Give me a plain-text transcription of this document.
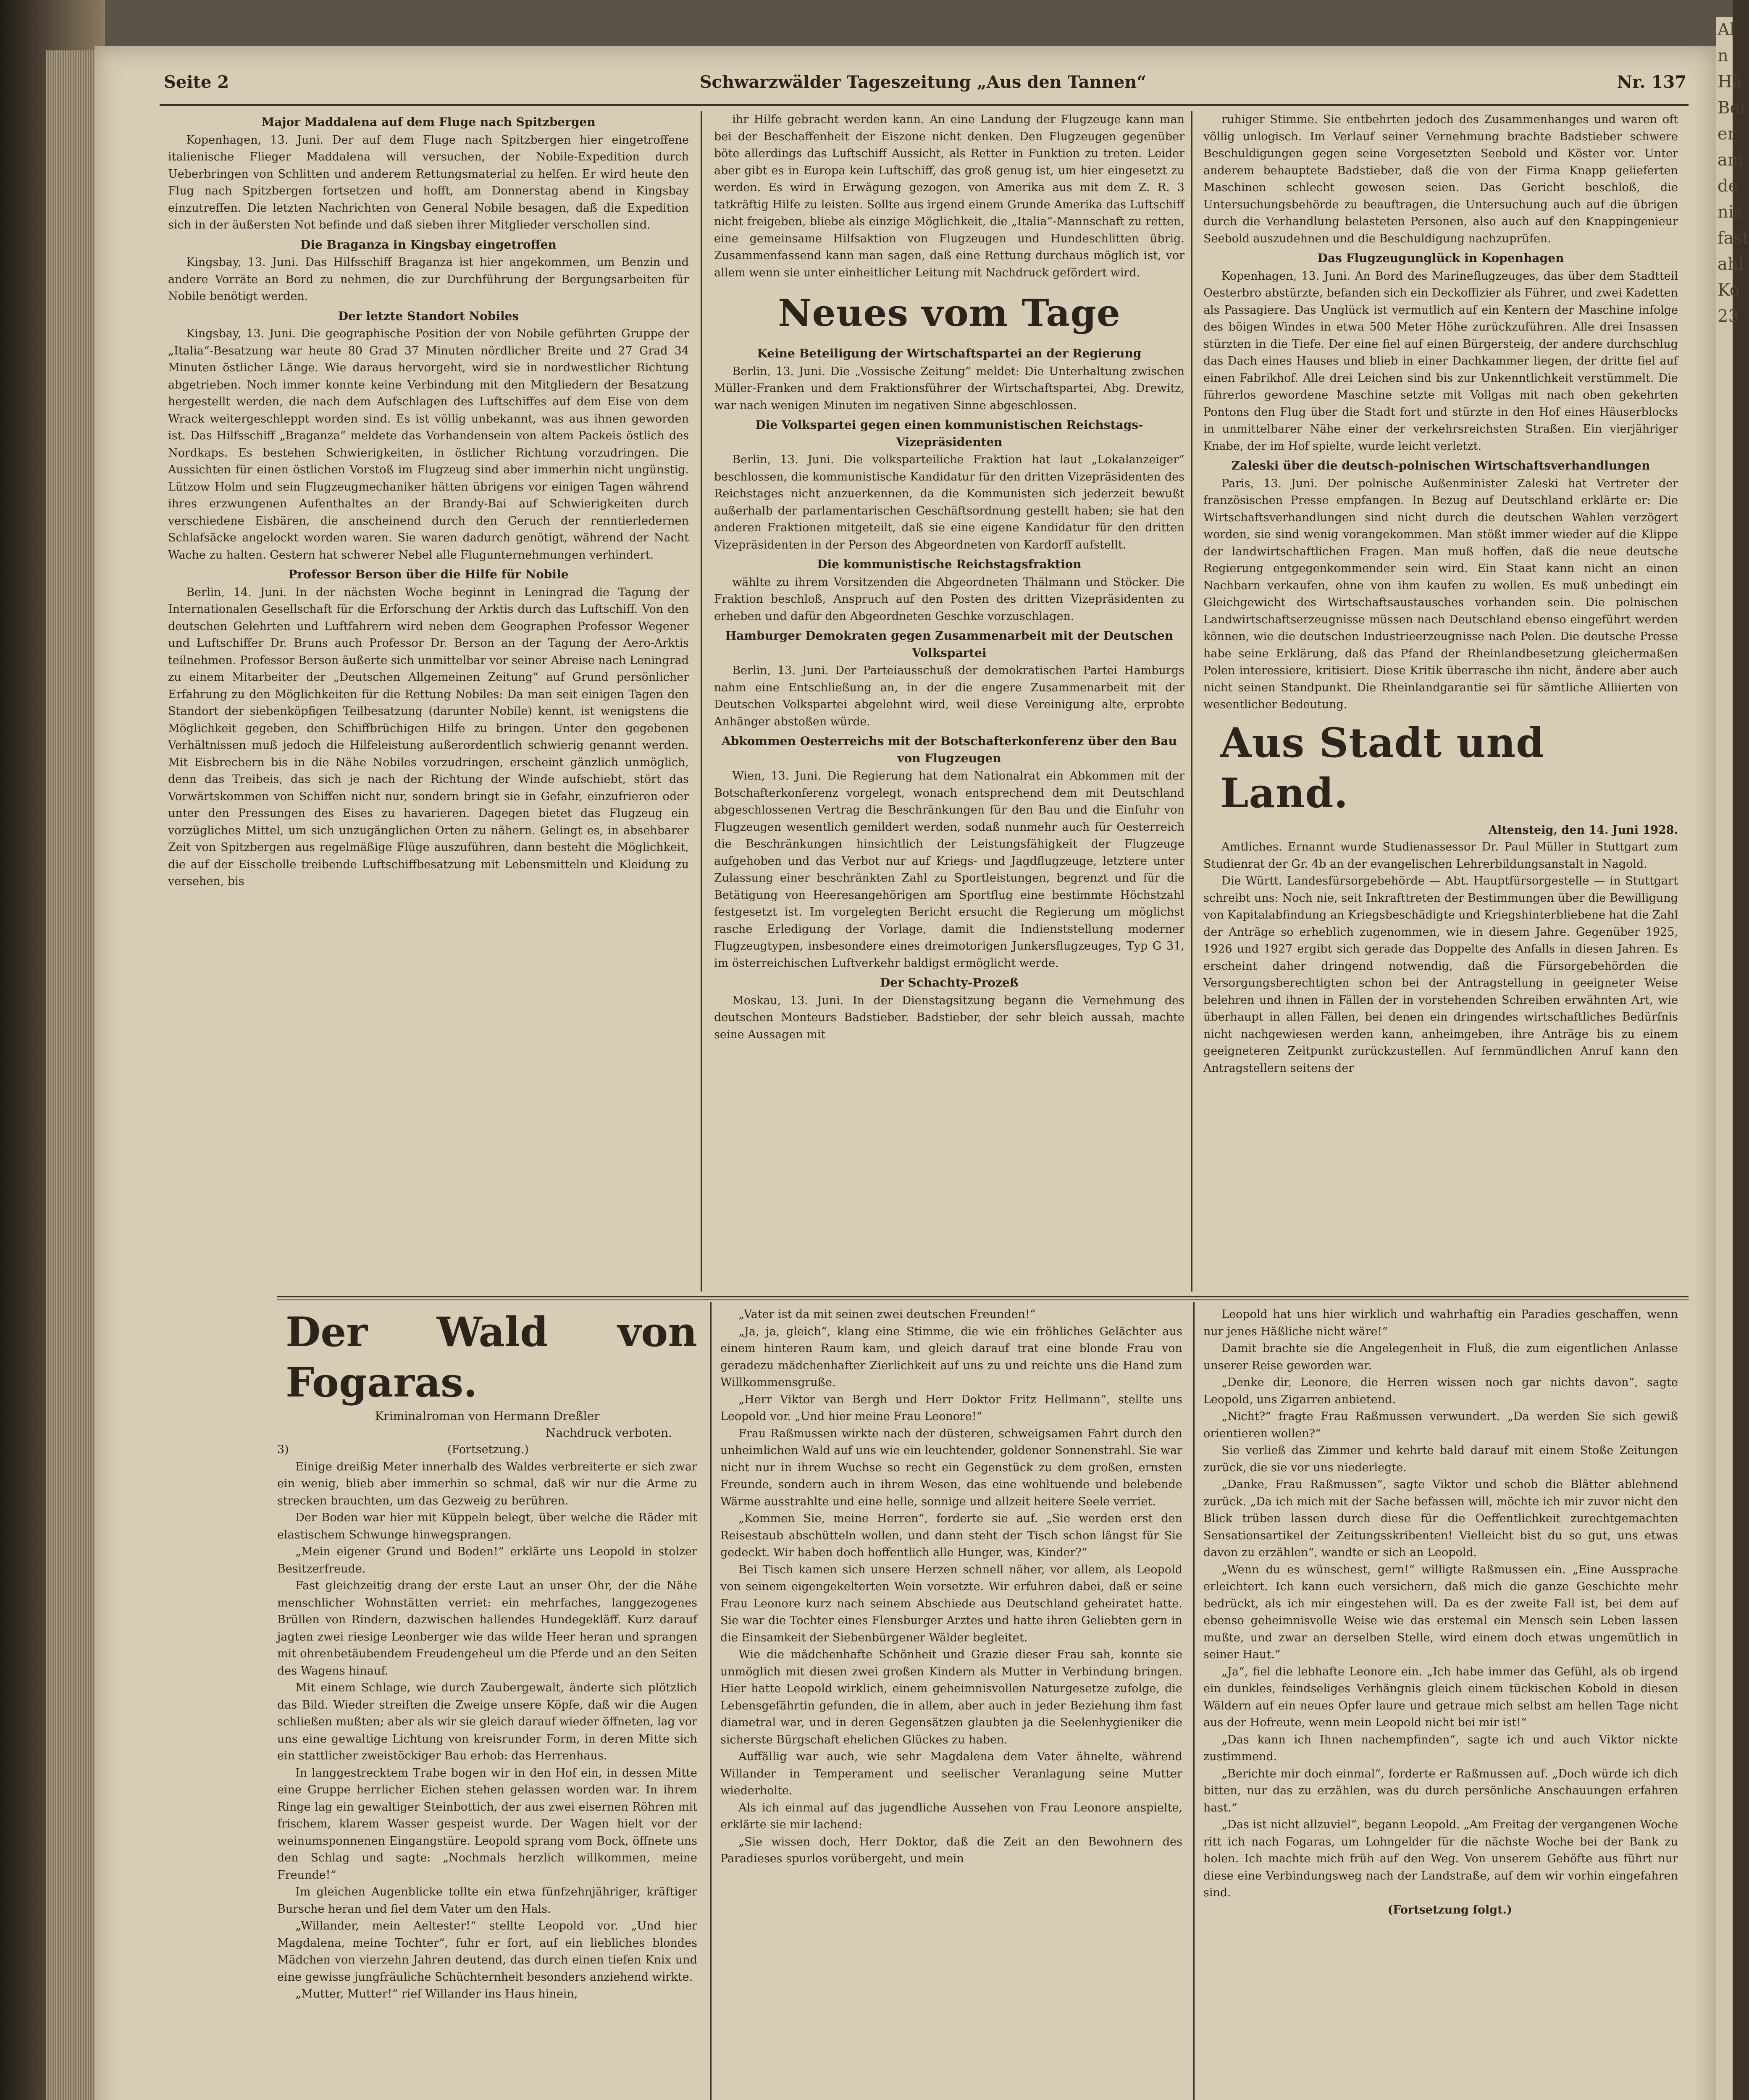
Al
n
Hä
Bei
er
am
de
nis
fast
ahl
Ko
23
Seite 2	Schwarzwälder Tageszeitung „Aus den Tannen“	Nr. 137
Major Maddalena auf dem Fluge nach Spitzbergen

Kopenhagen, 13. Juni. Der auf dem Fluge nach Spitzbergen hier eingetroffene italienische Flieger Maddalena will versuchen, der Nobile-Expedition durch Ueberbringen von Schlitten und anderem Rettungsmaterial zu helfen. Er wird heute den Flug nach Spitzbergen fortsetzen und hofft, am Donnerstag abend in Kingsbay einzutreffen. Die letzten Nachrichten von General Nobile besagen, daß die Expedition sich in der äußersten Not befinde und daß sieben ihrer Mitglieder verschollen sind.

Die Braganza in Kingsbay eingetroffen

Kingsbay, 13. Juni. Das Hilfsschiff Braganza ist hier angekommen, um Benzin und andere Vorräte an Bord zu nehmen, die zur Durchführung der Bergungsarbeiten für Nobile benötigt werden.

Der letzte Standort Nobiles

Kingsbay, 13. Juni. Die geographische Position der von Nobile geführten Gruppe der „Italia“-Besatzung war heute 80 Grad 37 Minuten nördlicher Breite und 27 Grad 34 Minuten östlicher Länge. Wie daraus hervorgeht, wird sie in nordwestlicher Richtung abgetrieben. Noch immer konnte keine Verbindung mit den Mitgliedern der Besatzung hergestellt werden, die nach dem Aufschlagen des Luftschiffes auf dem Eise von dem Wrack weitergeschleppt worden sind. Es ist völlig unbekannt, was aus ihnen geworden ist. Das Hilfsschiff „Braganza“ meldete das Vorhandensein von altem Packeis östlich des Nordkaps. Es bestehen Schwierigkeiten, in östlicher Richtung vorzudringen. Die Aussichten für einen östlichen Vorstoß im Flugzeug sind aber immerhin nicht ungünstig. Lützow Holm und sein Flugzeugmechaniker hätten übrigens vor einigen Tagen während ihres erzwungenen Aufenthaltes an der Brandy-Bai auf Schwierigkeiten durch verschiedene Eisbären, die anscheinend durch den Geruch der renntierledernen Schlafsäcke angelockt worden waren. Sie waren dadurch genötigt, während der Nacht Wache zu halten. Gestern hat schwerer Nebel alle Flugunternehmungen verhindert.

Professor Berson über die Hilfe für Nobile

Berlin, 14. Juni. In der nächsten Woche beginnt in Leningrad die Tagung der Internationalen Gesellschaft für die Erforschung der Arktis durch das Luftschiff. Von den deutschen Gelehrten und Luftfahrern wird neben dem Geographen Professor Wegener und Luftschiffer Dr. Bruns auch Professor Dr. Berson an der Tagung der Aero-Arktis teilnehmen. Professor Berson äußerte sich unmittelbar vor seiner Abreise nach Leningrad zu einem Mitarbeiter der „Deutschen Allgemeinen Zeitung“ auf Grund persönlicher Erfahrung zu den Möglichkeiten für die Rettung Nobiles: Da man seit einigen Tagen den Standort der siebenköpfigen Teilbesatzung (darunter Nobile) kennt, ist wenigstens die Möglichkeit gegeben, den Schiffbrüchigen Hilfe zu bringen. Unter den gegebenen Verhältnissen muß jedoch die Hilfeleistung außerordentlich schwierig genannt werden. Mit Eisbrechern bis in die Nähe Nobiles vorzudringen, erscheint gänzlich unmöglich, denn das Treibeis, das sich je nach der Richtung der Winde aufschiebt, stört das Vorwärtskommen von Schiffen nicht nur, sondern bringt sie in Gefahr, einzufrieren oder unter den Pressungen des Eises zu havarieren. Dagegen bietet das Flugzeug ein vorzügliches Mittel, um sich unzugänglichen Orten zu nähern. Gelingt es, in absehbarer Zeit von Spitzbergen aus regelmäßige Flüge auszuführen, dann besteht die Möglichkeit, die auf der Eisscholle treibende Luftschiffbesatzung mit Lebensmitteln und Kleidung zu versehen, bis

ihr Hilfe gebracht werden kann. An eine Landung der Flugzeuge kann man bei der Beschaffenheit der Eiszone nicht denken. Den Flugzeugen gegenüber böte allerdings das Luftschiff Aussicht, als Retter in Funktion zu treten. Leider aber gibt es in Europa kein Luftschiff, das groß genug ist, um hier eingesetzt zu werden. Es wird in Erwägung gezogen, von Amerika aus mit dem Z. R. 3 tatkräftig Hilfe zu leisten. Sollte aus irgend einem Grunde Amerika das Luftschiff nicht freigeben, bliebe als einzige Möglichkeit, die „Italia“-Mannschaft zu retten, eine gemeinsame Hilfsaktion von Flugzeugen und Hundeschlitten übrig. Zusammenfassend kann man sagen, daß eine Rettung durchaus möglich ist, vor allem wenn sie unter einheitlicher Leitung mit Nachdruck gefördert wird.

Neues vom Tage
Keine Beteiligung der Wirtschaftspartei an der Regierung

Berlin, 13. Juni. Die „Vossische Zeitung“ meldet: Die Unterhaltung zwischen Müller-Franken und dem Fraktionsführer der Wirtschaftspartei, Abg. Drewitz, war nach wenigen Minuten im negativen Sinne abgeschlossen.

Die Volkspartei gegen einen kommunistischen Reichstags-Vizepräsidenten

Berlin, 13. Juni. Die volksparteiliche Fraktion hat laut „Lokalanzeiger“ beschlossen, die kommunistische Kandidatur für den dritten Vizepräsidenten des Reichstages nicht anzuerkennen, da die Kommunisten sich jederzeit bewußt außerhalb der parlamentarischen Geschäftsordnung gestellt haben; sie hat den anderen Fraktionen mitgeteilt, daß sie eine eigene Kandidatur für den dritten Vizepräsidenten in der Person des Abgeordneten von Kardorff aufstellt.

Die kommunistische Reichstagsfraktion

wählte zu ihrem Vorsitzenden die Abgeordneten Thälmann und Stöcker. Die Fraktion beschloß, Anspruch auf den Posten des dritten Vizepräsidenten zu erheben und dafür den Abgeordneten Geschke vorzuschlagen.

Hamburger Demokraten gegen Zusammenarbeit mit der Deutschen Volkspartei

Berlin, 13. Juni. Der Parteiausschuß der demokratischen Partei Hamburgs nahm eine Entschließung an, in der die engere Zusammenarbeit mit der Deutschen Volkspartei abgelehnt wird, weil diese Vereinigung alte, erprobte Anhänger abstoßen würde.

Abkommen Oesterreichs mit der Botschafterkonferenz über den Bau von Flugzeugen

Wien, 13. Juni. Die Regierung hat dem Nationalrat ein Abkommen mit der Botschafterkonferenz vorgelegt, wonach entsprechend dem mit Deutschland abgeschlossenen Vertrag die Beschränkungen für den Bau und die Einfuhr von Flugzeugen wesentlich gemildert werden, sodaß nunmehr auch für Oesterreich die Beschränkungen hinsichtlich der Leistungsfähigkeit der Flugzeuge aufgehoben und das Verbot nur auf Kriegs- und Jagdflugzeuge, letztere unter Zulassung einer beschränkten Zahl zu Sportleistungen, begrenzt und für die Betätigung von Heeresangehörigen am Sportflug eine bestimmte Höchstzahl festgesetzt ist. Im vorgelegten Bericht ersucht die Regierung um möglichst rasche Erledigung der Vorlage, damit die Indienststellung moderner Flugzeugtypen, insbesondere eines dreimotorigen Junkersflugzeuges, Typ G 31, im österreichischen Luftverkehr baldigst ermöglicht werde.

Der Schachty-Prozeß

Moskau, 13. Juni. In der Dienstagsitzung begann die Vernehmung des deutschen Monteurs Badstieber. Badstieber, der sehr bleich aussah, machte seine Aussagen mit

ruhiger Stimme. Sie entbehrten jedoch des Zusammenhanges und waren oft völlig unlogisch. Im Verlauf seiner Vernehmung brachte Badstieber schwere Beschuldigungen gegen seine Vorgesetzten Seebold und Köster vor. Unter anderem behauptete Badstieber, daß die von der Firma Knapp gelieferten Maschinen schlecht gewesen seien. Das Gericht beschloß, die Untersuchungsbehörde zu beauftragen, die Untersuchung auch auf die übrigen durch die Verhandlung belasteten Personen, also auch auf den Knappingenieur Seebold auszudehnen und die Beschuldigung nachzuprüfen.

Das Flugzeugunglück in Kopenhagen

Kopenhagen, 13. Juni. An Bord des Marineflugzeuges, das über dem Stadtteil Oesterbro abstürzte, befanden sich ein Deckoffizier als Führer, und zwei Kadetten als Passagiere. Das Unglück ist vermutlich auf ein Kentern der Maschine infolge des böigen Windes in etwa 500 Meter Höhe zurückzuführen. Alle drei Insassen stürzten in die Tiefe. Der eine fiel auf einen Bürgersteig, der andere durchschlug das Dach eines Hauses und blieb in einer Dachkammer liegen, der dritte fiel auf einen Fabrikhof. Alle drei Leichen sind bis zur Unkenntlichkeit verstümmelt. Die führerlos gewordene Maschine setzte mit Vollgas mit nach oben gekehrten Pontons den Flug über die Stadt fort und stürzte in den Hof eines Häuserblocks in unmittelbarer Nähe einer der verkehrsreichsten Straßen. Ein vierjähriger Knabe, der im Hof spielte, wurde leicht verletzt.

Zaleski über die deutsch-polnischen Wirtschaftsverhandlungen

Paris, 13. Juni. Der polnische Außenminister Zaleski hat Vertreter der französischen Presse empfangen. In Bezug auf Deutschland erklärte er: Die Wirtschaftsverhandlungen sind nicht durch die deutschen Wahlen verzögert worden, sie sind wenig vorangekommen. Man stößt immer wieder auf die Klippe der landwirtschaftlichen Fragen. Man muß hoffen, daß die neue deutsche Regierung entgegenkommender sein wird. Ein Staat kann nicht an einen Nachbarn verkaufen, ohne von ihm kaufen zu wollen. Es muß unbedingt ein Gleichgewicht des Wirtschaftsaustausches vorhanden sein. Die polnischen Landwirtschaftserzeugnisse müssen nach Deutschland ebenso eingeführt werden können, wie die deutschen Industrieerzeugnisse nach Polen. Die deutsche Presse habe seine Erklärung, daß das Pfand der Rheinlandbesetzung gleichermaßen Polen interessiere, kritisiert. Diese Kritik überrasche ihn nicht, ändere aber auch nicht seinen Standpunkt. Die Rheinlandgarantie sei für sämtliche Alliierten von wesentlicher Bedeutung.

Aus Stadt und Land.

Altensteig, den 14. Juni 1928.

Amtliches. Ernannt wurde Studienassessor Dr. Paul Müller in Stuttgart zum Studienrat der Gr. 4b an der evangelischen Lehrerbildungsanstalt in Nagold.

Die Württ. Landesfürsorgebehörde — Abt. Hauptfürsorgestelle — in Stuttgart schreibt uns: Noch nie, seit Inkrafttreten der Bestimmungen über die Bewilligung von Kapitalabfindung an Kriegsbeschädigte und Kriegshinterbliebene hat die Zahl der Anträge so erheblich zugenommen, wie in diesem Jahre. Gegenüber 1925, 1926 und 1927 ergibt sich gerade das Doppelte des Anfalls in diesen Jahren. Es erscheint daher dringend notwendig, daß die Fürsorgebehörden die Versorgungsberechtigten schon bei der Antragstellung in geeigneter Weise belehren und ihnen in Fällen der in vorstehenden Schreiben erwähnten Art, wie überhaupt in allen Fällen, bei denen ein dringendes wirtschaftliches Bedürfnis nicht nachgewiesen werden kann, anheimgeben, ihre Anträge bis zu einem geeigneteren Zeitpunkt zurückzustellen. Auf fernmündlichen Anruf kann den Antragstellern seitens der

Der Wald von Fogaras.

Kriminalroman von Hermann Dreßler

Nachdruck verboten.

3)	(Fortsetzung.)

Einige dreißig Meter innerhalb des Waldes verbreiterte er sich zwar ein wenig, blieb aber immerhin so schmal, daß wir nur die Arme zu strecken brauchten, um das Gezweig zu berühren.

Der Boden war hier mit Küppeln belegt, über welche die Räder mit elastischem Schwunge hinwegsprangen.

„Mein eigener Grund und Boden!“ erklärte uns Leopold in stolzer Besitzerfreude.

Fast gleichzeitig drang der erste Laut an unser Ohr, der die Nähe menschlicher Wohnstätten verriet: ein mehrfaches, langgezogenes Brüllen von Rindern, dazwischen hallendes Hundegekläff. Kurz darauf jagten zwei riesige Leonberger wie das wilde Heer heran und sprangen mit ohrenbetäubendem Freudengeheul um die Pferde und an den Seiten des Wagens hinauf.

Mit einem Schlage, wie durch Zaubergewalt, änderte sich plötzlich das Bild. Wieder streiften die Zweige unsere Köpfe, daß wir die Augen schließen mußten; aber als wir sie gleich darauf wieder öffneten, lag vor uns eine gewaltige Lichtung von kreisrunder Form, in deren Mitte sich ein stattlicher zweistöckiger Bau erhob: das Herrenhaus.

In langgestrecktem Trabe bogen wir in den Hof ein, in dessen Mitte eine Gruppe herrlicher Eichen stehen gelassen worden war. In ihrem Ringe lag ein gewaltiger Steinbottich, der aus zwei eisernen Röhren mit frischem, klarem Wasser gespeist wurde. Der Wagen hielt vor der weinumsponnenen Eingangstüre. Leopold sprang vom Bock, öffnete uns den Schlag und sagte: „Nochmals herzlich willkommen, meine Freunde!“

Im gleichen Augenblicke tollte ein etwa fünfzehnjähriger, kräftiger Bursche heran und fiel dem Vater um den Hals.

„Willander, mein Aeltester!“ stellte Leopold vor. „Und hier Magdalena, meine Tochter“, fuhr er fort, auf ein liebliches blondes Mädchen von vierzehn Jahren deutend, das durch einen tiefen Knix und eine gewisse jungfräuliche Schüchternheit besonders anziehend wirkte.

„Mutter, Mutter!“ rief Willander ins Haus hinein,

„Vater ist da mit seinen zwei deutschen Freunden!“

„Ja, ja, gleich“, klang eine Stimme, die wie ein fröhliches Gelächter aus einem hinteren Raum kam, und gleich darauf trat eine blonde Frau von geradezu mädchenhafter Zierlichkeit auf uns zu und reichte uns die Hand zum Willkommensgruße.

„Herr Viktor van Bergh und Herr Doktor Fritz Hellmann“, stellte uns Leopold vor. „Und hier meine Frau Leonore!“

Frau Raßmussen wirkte nach der düsteren, schweigsamen Fahrt durch den unheimlichen Wald auf uns wie ein leuchtender, goldener Sonnenstrahl. Sie war nicht nur in ihrem Wuchse so recht ein Gegenstück zu dem großen, ernsten Freunde, sondern auch in ihrem Wesen, das eine wohltuende und belebende Wärme ausstrahlte und eine helle, sonnige und allzeit heitere Seele verriet.

„Kommen Sie, meine Herren“, forderte sie auf. „Sie werden erst den Reisestaub abschütteln wollen, und dann steht der Tisch schon längst für Sie gedeckt. Wir haben doch hoffentlich alle Hunger, was, Kinder?“

Bei Tisch kamen sich unsere Herzen schnell näher, vor allem, als Leopold von seinem eigengekelterten Wein vorsetzte. Wir erfuhren dabei, daß er seine Frau Leonore kurz nach seinem Abschiede aus Deutschland geheiratet hatte. Sie war die Tochter eines Flensburger Arztes und hatte ihren Geliebten gern in die Einsamkeit der Siebenbürgener Wälder begleitet.

Wie die mädchenhafte Schönheit und Grazie dieser Frau sah, konnte sie unmöglich mit diesen zwei großen Kindern als Mutter in Verbindung bringen. Hier hatte Leopold wirklich, einem geheimnisvollen Naturgesetze zufolge, die Lebensgefährtin gefunden, die in allem, aber auch in jeder Beziehung ihm fast diametral war, und in deren Gegensätzen glaubten ja die Seelenhygieniker die sicherste Bürgschaft ehelichen Glückes zu haben.

Auffällig war auch, wie sehr Magdalena dem Vater ähnelte, während Willander in Temperament und seelischer Veranlagung seine Mutter wiederholte.

Als ich einmal auf das jugendliche Aussehen von Frau Leonore anspielte, erklärte sie mir lachend:

„Sie wissen doch, Herr Doktor, daß die Zeit an den Bewohnern des Paradieses spurlos vorübergeht, und mein

Leopold hat uns hier wirklich und wahrhaftig ein Paradies geschaffen, wenn nur jenes Häßliche nicht wäre!“

Damit brachte sie die Angelegenheit in Fluß, die zum eigentlichen Anlasse unserer Reise geworden war.

„Denke dir, Leonore, die Herren wissen noch gar nichts davon“, sagte Leopold, uns Zigarren anbietend.

„Nicht?“ fragte Frau Raßmussen verwundert. „Da werden Sie sich gewiß orientieren wollen?“

Sie verließ das Zimmer und kehrte bald darauf mit einem Stoße Zeitungen zurück, die sie vor uns niederlegte.

„Danke, Frau Raßmussen“, sagte Viktor und schob die Blätter ablehnend zurück. „Da ich mich mit der Sache befassen will, möchte ich mir zuvor nicht den Blick trüben lassen durch diese für die Oeffentlichkeit zurechtgemachten Sensationsartikel der Zeitungsskribenten! Vielleicht bist du so gut, uns etwas davon zu erzählen“, wandte er sich an Leopold.

„Wenn du es wünschest, gern!“ willigte Raßmussen ein. „Eine Aussprache erleichtert. Ich kann euch versichern, daß mich die ganze Geschichte mehr bedrückt, als ich mir eingestehen will. Da es der zweite Fall ist, bei dem auf ebenso geheimnisvolle Weise wie das erstemal ein Mensch sein Leben lassen mußte, und zwar an derselben Stelle, wird einem doch etwas ungemütlich in seiner Haut.“

„Ja“, fiel die lebhafte Leonore ein. „Ich habe immer das Gefühl, als ob irgend ein dunkles, feindseliges Verhängnis gleich einem tückischen Kobold in diesen Wäldern auf ein neues Opfer laure und getraue mich selbst am hellen Tage nicht aus der Hofreute, wenn mein Leopold nicht bei mir ist!“

„Das kann ich Ihnen nachempfinden“, sagte ich und auch Viktor nickte zustimmend.

„Berichte mir doch einmal“, forderte er Raßmussen auf. „Doch würde ich dich bitten, nur das zu erzählen, was du durch persönliche Anschauungen erfahren hast.“

„Das ist nicht allzuviel“, begann Leopold. „Am Freitag der vergangenen Woche ritt ich nach Fogaras, um Lohngelder für die nächste Woche bei der Bank zu holen. Ich machte mich früh auf den Weg. Von unserem Gehöfte aus führt nur diese eine Verbindungsweg nach der Landstraße, auf dem wir vorhin eingefahren sind.

(Fortsetzung folgt.)
